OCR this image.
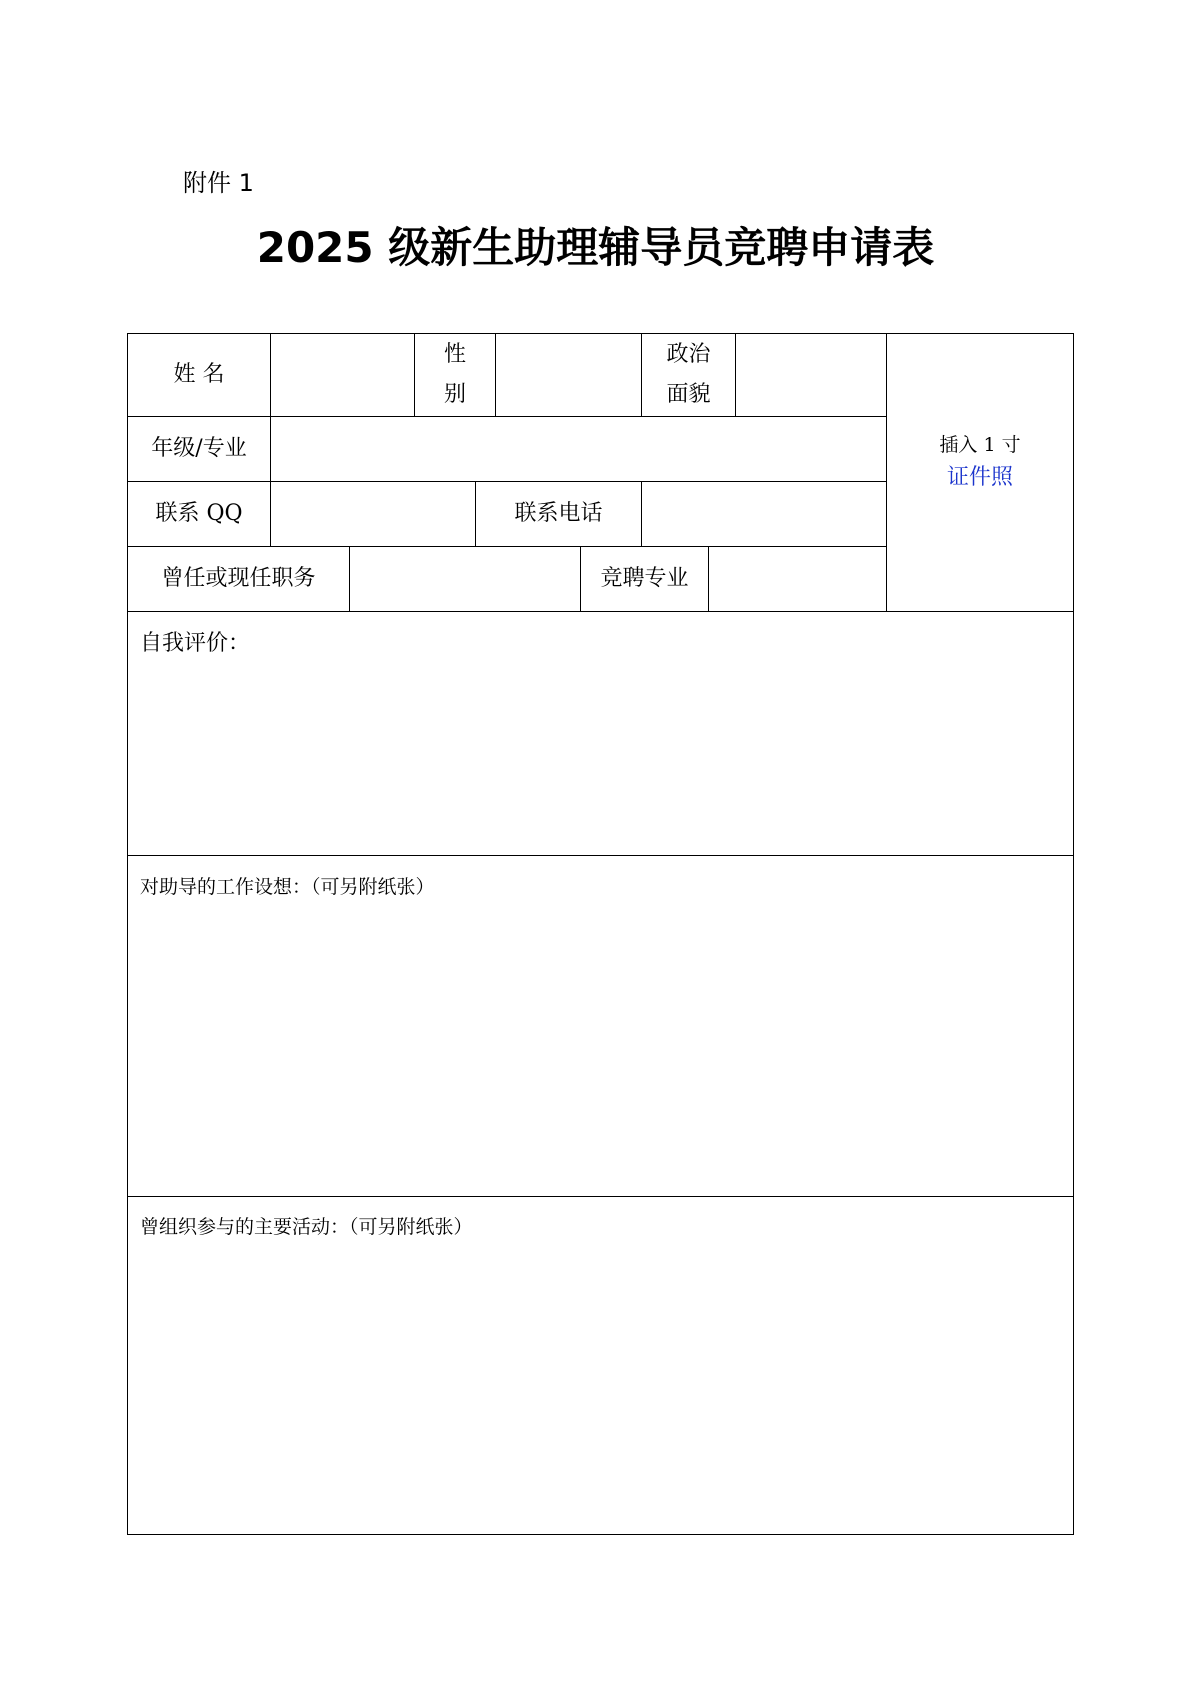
附件 1
2025 级新生助理辅导员竞聘申请表
姓 名
性
别
政治
面貌
插入 1 寸
证件照
年级/专业
联系 QQ	联系电话
曾任或现任职务	竞聘专业
自我评价：
对助导的工作设想：（可另附纸张）
曾组织参与的主要活动：（可另附纸张）
